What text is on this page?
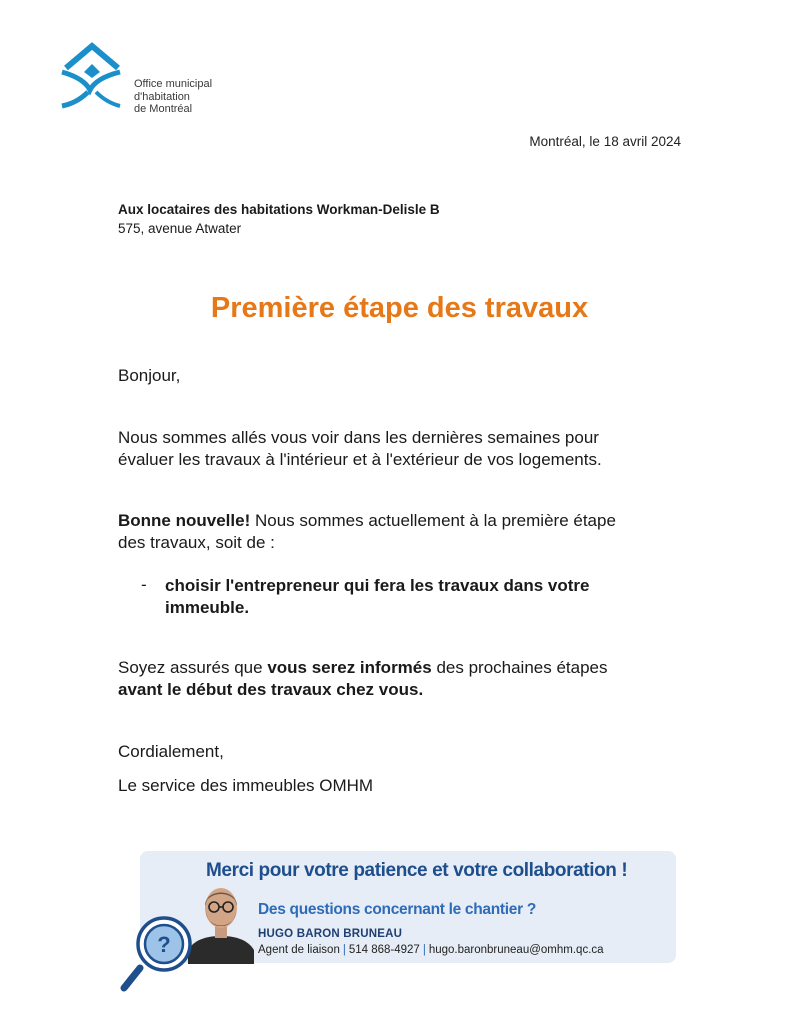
Office municipal
d'habitation
de Montréal
Montréal, le 18 avril 2024
Aux locataires des habitations Workman-Delisle B
575, avenue Atwater
Première étape des travaux
Bonjour,
Nous sommes allés vous voir dans les dernières semaines pour
évaluer les travaux à l'intérieur et à l'extérieur de vos logements.
Bonne nouvelle! Nous sommes actuellement à la première étape
des travaux, soit de :
- choisir l'entrepreneur qui fera les travaux dans votre
immeuble.
Soyez assurés que vous serez informés des prochaines étapes
avant le début des travaux chez vous.
Cordialement,
Le service des immeubles OMHM
Merci pour votre patience et votre collaboration !
?
Des questions concernant le chantier ?
HUGO BARON BRUNEAU
Agent de liaison | 514 868-4927 | hugo.baronbruneau@omhm.qc.ca
